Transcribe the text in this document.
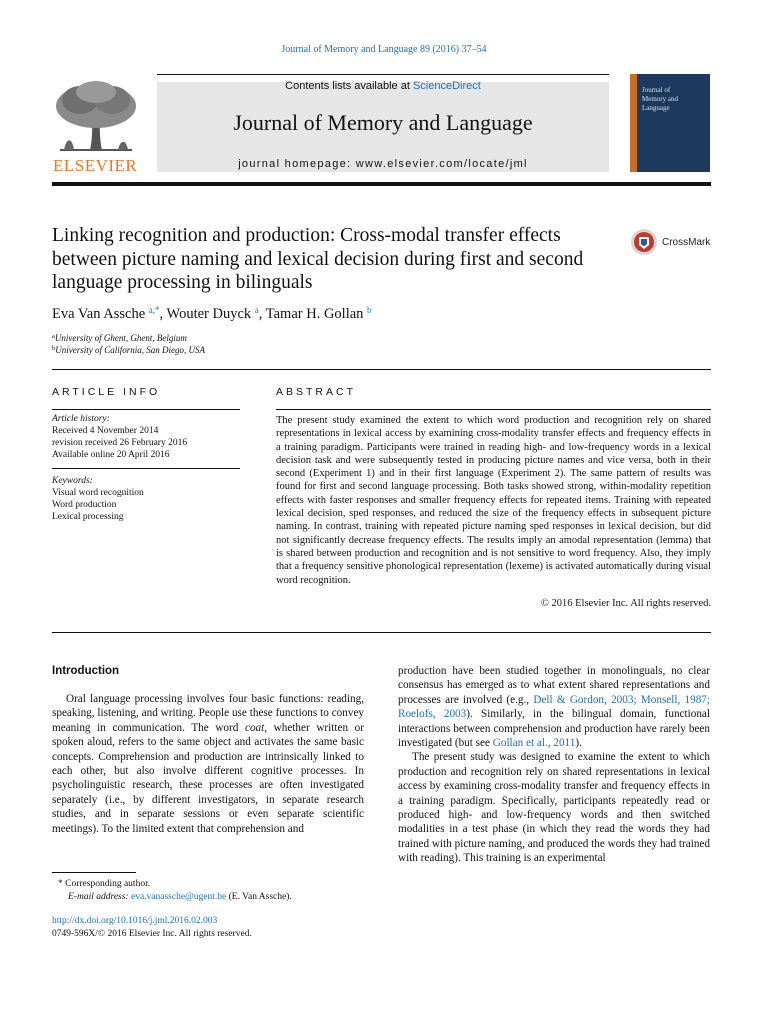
Journal of Memory and Language 89 (2016) 37–54
Contents lists available at ScienceDirect
Journal of Memory and Language
journal homepage: www.elsevier.com/locate/jml
ELSEVIER
Journal of
Memory and
Language
Linking recognition and production: Cross-modal transfer effects between picture naming and lexical decision during first and second language processing in bilinguals
CrossMark
Eva Van Assche $^{a,*}$, Wouter Duyck $^a$, Tamar H. Gollan $^b$
$^a$University of Ghent, Ghent, Belgium
$^b$University of California, San Diego, USA
ARTICLE INFO
Article history:
Received 4 November 2014
revision received 26 February 2016
Available online 20 April 2016
Keywords:
Visual word recognition
Word production
Lexical processing
ABSTRACT
The present study examined the extent to which word production and recognition rely on shared representations in lexical access by examining cross-modality transfer effects and frequency effects in a training paradigm. Participants were trained in reading high- and low-frequency words in a lexical decision task and were subsequently tested in producing picture names and vice versa, both in their second (Experiment 1) and in their first language (Experiment 2). The same pattern of results was found for first and second language processing. Both tasks showed strong, within-modality repetition effects with faster responses and smaller frequency effects for repeated items. Training with repeated lexical decision, sped responses, and reduced the size of the frequency effects in subsequent picture naming. In contrast, training with repeated picture naming sped responses in lexical decision, but did not significantly decrease frequency effects. The results imply an amodal representation (lemma) that is shared between production and recognition and is not sensitive to word frequency. Also, they imply that a frequency sensitive phonological representation (lexeme) is activated automatically during visual word recognition.
© 2016 Elsevier Inc. All rights reserved.
Introduction

Oral language processing involves four basic functions: reading, speaking, listening, and writing. People use these functions to convey meaning in communication. The word coat, whether written or spoken aloud, refers to the same object and activates the same basic concepts. Comprehension and production are intrinsically linked to each other, but also involve different cognitive processes. In psycholinguistic research, these processes are often investigated separately (i.e., by different investigators, in separate research studies, and in separate sessions or even separate scientific meetings). To the limited extent that comprehension and

production have been studied together in monolinguals, no clear consensus has emerged as to what extent shared representations and processes are involved (e.g., Dell & Gordon, 2003; Monsell, 1987; Roelofs, 2003). Similarly, in the bilingual domain, functional interactions between comprehension and production have rarely been investigated (but see Gollan et al., 2011).

The present study was designed to examine the extent to which production and recognition rely on shared representations in lexical access by examining cross-modality transfer and frequency effects in a training paradigm. Specifically, participants repeatedly read or produced high- and low-frequency words and then switched modalities in a test phase (in which they read the words they had trained with picture naming, and produced the words they had trained with reading). This training is an experimental

* Corresponding author.
E-mail address: eva.vanassche@ugent.be (E. Van Assche).
http://dx.doi.org/10.1016/j.jml.2016.02.003
0749-596X/© 2016 Elsevier Inc. All rights reserved.
